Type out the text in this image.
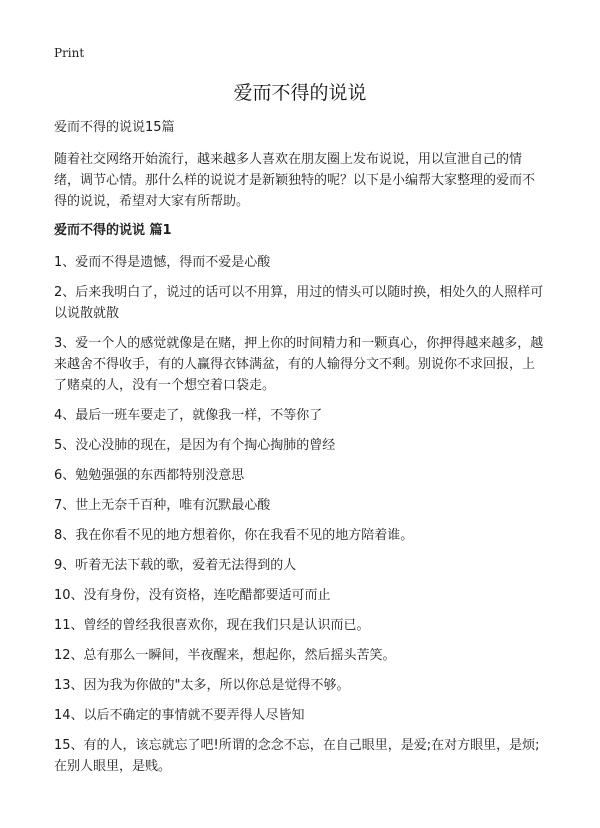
Print
爱而不得的说说

爱而不得的说说15篇

随着社交网络开始流行，越来越多人喜欢在朋友圈上发布说说，用以宣泄自己的情绪，调节心情。那什么样的说说才是新颖独特的呢？以下是小编帮大家整理的爱而不得的说说，希望对大家有所帮助。

爱而不得的说说 篇1

1、爱而不得是遗憾，得而不爱是心酸

2、后来我明白了，说过的话可以不用算，用过的情头可以随时换，相处久的人照样可以说散就散

3、爱一个人的感觉就像是在赌，押上你的时间精力和一颗真心，你押得越来越多，越来越舍不得收手，有的人赢得衣钵满盆，有的人输得分文不剩。别说你不求回报，上了赌桌的人，没有一个想空着口袋走。

4、最后一班车要走了，就像我一样，不等你了

5、没心没肺的现在，是因为有个掏心掏肺的曾经

6、勉勉强强的东西都特别没意思

7、世上无奈千百种，唯有沉默最心酸

8、我在你看不见的地方想着你，你在我看不见的地方陪着谁。

9、听着无法下载的歌，爱着无法得到的人

10、没有身份，没有资格，连吃醋都要适可而止

11、曾经的曾经我很喜欢你，现在我们只是认识而已。

12、总有那么一瞬间，半夜醒来，想起你，然后摇头苦笑。

13、因为我为你做的"太多，所以你总是觉得不够。

14、以后不确定的事情就不要弄得人尽皆知

15、有的人，该忘就忘了吧!所谓的念念不忘，在自己眼里，是爱;在对方眼里，是烦;在别人眼里，是贱。
